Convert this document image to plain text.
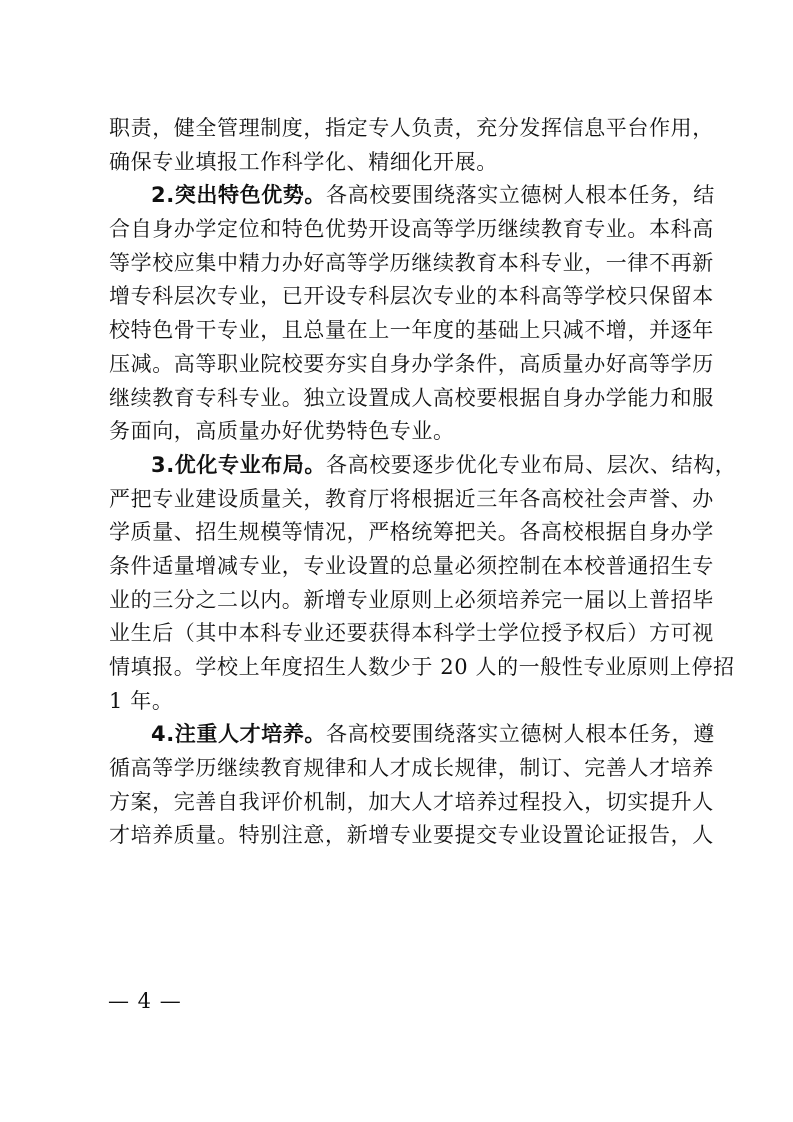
职责，健全管理制度，指定专人负责，充分发挥信息平台作用，
确保专业填报工作科学化、精细化开展。
2.突出特色优势。各高校要围绕落实立德树人根本任务，结
合自身办学定位和特色优势开设高等学历继续教育专业。本科高
等学校应集中精力办好高等学历继续教育本科专业，一律不再新
增专科层次专业，已开设专科层次专业的本科高等学校只保留本
校特色骨干专业，且总量在上一年度的基础上只减不增，并逐年
压减。高等职业院校要夯实自身办学条件，高质量办好高等学历
继续教育专科专业。独立设置成人高校要根据自身办学能力和服
务面向，高质量办好优势特色专业。
3.优化专业布局。各高校要逐步优化专业布局、层次、结构，
严把专业建设质量关，教育厅将根据近三年各高校社会声誉、办
学质量、招生规模等情况，严格统筹把关。各高校根据自身办学
条件适量增减专业，专业设置的总量必须控制在本校普通招生专
业的三分之二以内。新增专业原则上必须培养完一届以上普招毕
业生后（其中本科专业还要获得本科学士学位授予权后）方可视
情填报。学校上年度招生人数少于 20 人的一般性专业原则上停招
1 年。
4.注重人才培养。各高校要围绕落实立德树人根本任务，遵
循高等学历继续教育规律和人才成长规律，制订、完善人才培养
方案，完善自我评价机制，加大人才培养过程投入，切实提升人
才培养质量。特别注意，新增专业要提交专业设置论证报告，人
— 4 —
